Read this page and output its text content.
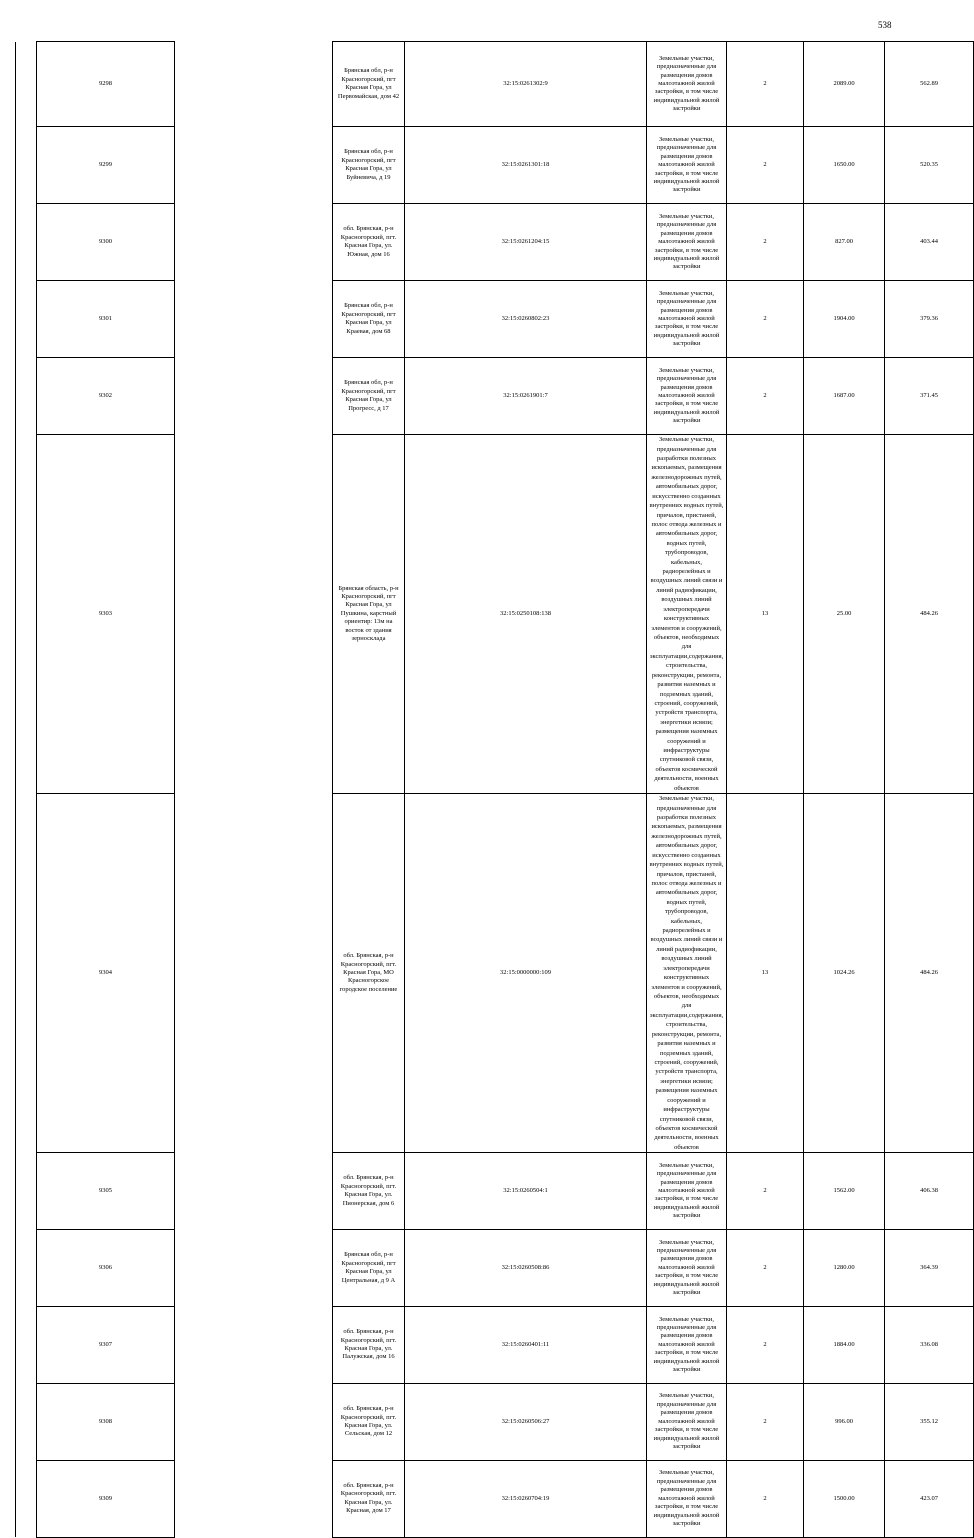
538
	9298		Брянская обл, р-н Красногорский, пгт Красная Гора, ул Первомайская, дом 42	32:15:0261302:9	Земельные участки, предназначенные для размещения домов малоэтажной жилой застройки, в том числе индивидуальной жилой застройки	2	2089.00	562.89	
	9299		Брянская обл, р-н Красногорский, пгт Красная Гора, ул Буйневича, д 19	32:15:0261301:18	Земельные участки, предназначенные для размещения домов малоэтажной жилой застройки, в том числе индивидуальной жилой застройки	2	1650.00	520.35	
	9300		обл. Брянская, р-н Красногорский, пгт. Красная Гора, ул. Южная, дом 16	32:15:0261204:15	Земельные участки, предназначенные для размещения домов малоэтажной жилой застройки, в том числе индивидуальной жилой застройки	2	827.00	403.44	
	9301		Брянская обл, р-н Красногорский, пгт Красная Гора, ул Краевая, дом 68	32:15:0260802:23	Земельные участки, предназначенные для размещения домов малоэтажной жилой застройки, в том числе индивидуальной жилой застройки	2	1904.00	379.36	
	9302		Брянская обл, р-н Красногорский, пгт Красная Гора, ул Прогресс, д 17	32:15:0261901:7	Земельные участки, предназначенные для размещения домов малоэтажной жилой застройки, в том числе индивидуальной жилой застройки	2	1687.00	371.45	
	9303		Брянская область, р-н Красногорский, пгт Красная Гора, ул Пушкина, карстный ориентир: 13м на восток от здания зерносклада	32:15:0250108:138	Земельные участки, предназначенные для разработки полезных ископаемых, размещения железнодорожных путей, автомобильных дорог, искусственно созданных внутренних водных путей, причалов, пристаней, полос отвода железных и автомобильных дорог, водных путей, трубопроводов, кабельных, радиорелейных и воздушных линий связи и линий радиофикации, воздушных линий электропередачи конструктивных элементов и сооружений, объектов, необходимых для эксплуатации,содержания, строительства, реконструкции, ремонта, развития наземных и подземных зданий, строений, сооружений, устройств транспорта, энергетики исвязи; размещения наземных сооружений и инфраструктуры спутниковой связи, объектов космической деятельности, военных объектов	13	25.00	484.26	
	9304		обл. Брянская, р-н Красногорский, пгт. Красная Гора, МО Красногорское городское поселение	32:15:0000000:109	Земельные участки, предназначенные для разработки полезных ископаемых, размещения железнодорожных путей, автомобильных дорог, искусственно созданных внутренних водных путей, причалов, пристаней, полос отвода железных и автомобильных дорог, водных путей, трубопроводов, кабельных, радиорелейных и воздушных линий связи и линий радиофикации, воздушных линий электропередачи конструктивных элементов и сооружений, объектов, необходимых для эксплуатации,содержания, строительства, реконструкции, ремонта, развития наземных и подземных зданий, строений, сооружений, устройств транспорта, энергетики исвязи; размещения наземных сооружений и инфраструктуры спутниковой связи, объектов космической деятельности, военных объектов	13	1024.26	484.26	
	9305		обл. Брянская, р-н Красногорский, пгт. Красная Гора, ул. Пионерская, дом 6	32:15:0260504:1	Земельные участки, предназначенные для размещения домов малоэтажной жилой застройки, в том числе индивидуальной жилой застройки	2	1562.00	406.38	
	9306		Брянская обл, р-н Красногорский, пгт Красная Гора, ул Центральная, д 9 А	32:15:0260508:86	Земельные участки, предназначенные для размещения домов малоэтажной жилой застройки, в том числе индивидуальной жилой застройки	2	1280.00	364.39	
	9307		обл. Брянская, р-н Красногорский, пгт. Красная Гора, ул. Палужская, дом 16	32:15:0260401:11	Земельные участки, предназначенные для размещения домов малоэтажной жилой застройки, в том числе индивидуальной жилой застройки	2	1884.00	336.08	
	9308		обл. Брянская, р-н Красногорский, пгт. Красная Гора, ул. Сельская, дом 12	32:15:0260506:27	Земельные участки, предназначенные для размещения домов малоэтажной жилой застройки, в том числе индивидуальной жилой застройки	2	996.00	355.12	
	9309		обл. Брянская, р-н Красногорский, пгт. Красная Гора, ул. Красная, дом 17	32:15:0260704:19	Земельные участки, предназначенные для размещения домов малоэтажной жилой застройки, в том числе индивидуальной жилой застройки	2	1500.00	423.07	
